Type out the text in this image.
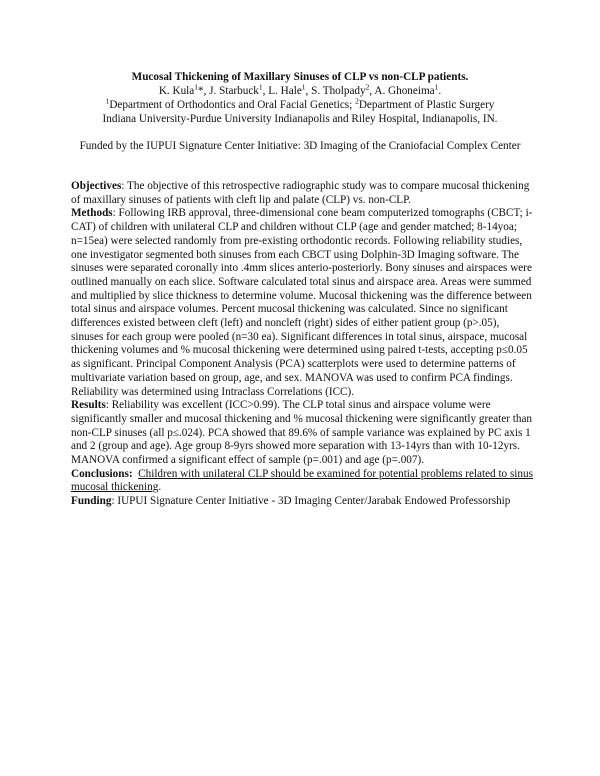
Mucosal Thickening of Maxillary Sinuses of CLP vs non-CLP patients.
K. Kula$^1$*, J. Starbuck$^1$, L. Hale$^1$, S. Tholpady$^2$, A. Ghoneima$^1$.
$^1$Department of Orthodontics and Oral Facial Genetics; $^2$Department of Plastic Surgery
Indiana University-Purdue University Indianapolis and Riley Hospital, Indianapolis, IN.
Funded by the IUPUI Signature Center Initiative: 3D Imaging of the Craniofacial Complex Center

Objectives: The objective of this retrospective radiographic study was to compare mucosal thickening of maxillary sinuses of patients with cleft lip and palate (CLP) vs. non-CLP.

Methods: Following IRB approval, three-dimensional cone beam computerized tomographs (CBCT; i-CAT) of children with unilateral CLP and children without CLP (age and gender matched; 8-14yoa; n=15ea) were selected randomly from pre-existing orthodontic records. Following reliability studies, one investigator segmented both sinuses from each CBCT using Dolphin-3D Imaging software. The sinuses were separated coronally into .4mm slices anterio-posteriorly. Bony sinuses and airspaces were outlined manually on each slice. Software calculated total sinus and airspace area. Areas were summed and multiplied by slice thickness to determine volume. Mucosal thickening was the difference between total sinus and airspace volumes. Percent mucosal thickening was calculated. Since no significant differences existed between cleft (left) and noncleft (right) sides of either patient group (p>.05), sinuses for each group were pooled (n=30 ea). Significant differences in total sinus, airspace, mucosal thickening volumes and % mucosal thickening were determined using paired t-tests, accepting p≤0.05 as significant. Principal Component Analysis (PCA) scatterplots were used to determine patterns of multivariate variation based on group, age, and sex. MANOVA was used to confirm PCA findings. Reliability was determined using Intraclass Correlations (ICC).

Results: Reliability was excellent (ICC>0.99). The CLP total sinus and airspace volume were significantly smaller and mucosal thickening and % mucosal thickening were significantly greater than non-CLP sinuses (all p≤.024). PCA showed that 89.6% of sample variance was explained by PC axis 1 and 2 (group and age). Age group 8-9yrs showed more separation with 13-14yrs than with 10-12yrs. MANOVA confirmed a significant effect of sample (p=.001) and age (p=.007).

Conclusions: Children with unilateral CLP should be examined for potential problems related to sinus mucosal thickening.

Funding: IUPUI Signature Center Initiative - 3D Imaging Center/Jarabak Endowed Professorship
